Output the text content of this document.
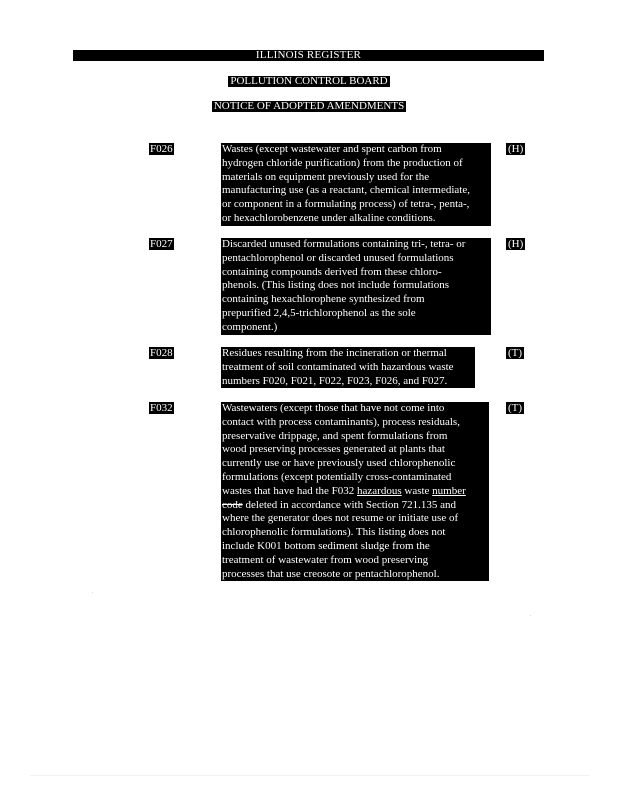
ILLINOIS REGISTER
POLLUTION CONTROL BOARD
NOTICE OF ADOPTED AMENDMENTS
F026	Wastes (except wastewater and spent carbon from
hydrogen chloride purification) from the production of
materials on equipment previously used for the
manufacturing use (as a reactant, chemical intermediate,
or component in a formulating process) of tetra-, penta-,
or hexachlorobenzene under alkaline conditions.
(H)
F027	Discarded unused formulations containing tri-, tetra- or
pentachlorophenol or discarded unused formulations
containing compounds derived from these chloro-
phenols. (This listing does not include formulations
containing hexachlorophene synthesized from
prepurified 2,4,5-trichlorophenol as the sole
component.)
(H)
F028	Residues resulting from the incineration or thermal
treatment of soil contaminated with hazardous waste
numbers F020, F021, F022, F023, F026, and F027.
(T)
F032	Wastewaters (except those that have not come into
contact with process contaminants), process residuals,
preservative drippage, and spent formulations from
wood preserving processes generated at plants that
currently use or have previously used chlorophenolic
formulations (except potentially cross-contaminated
wastes that have had the F032 hazardous waste number
code deleted in accordance with Section 721.135 and
where the generator does not resume or initiate use of
chlorophenolic formulations). This listing does not
include K001 bottom sediment sludge from the
treatment of wastewater from wood preserving
processes that use creosote or pentachlorophenol.
(T)
